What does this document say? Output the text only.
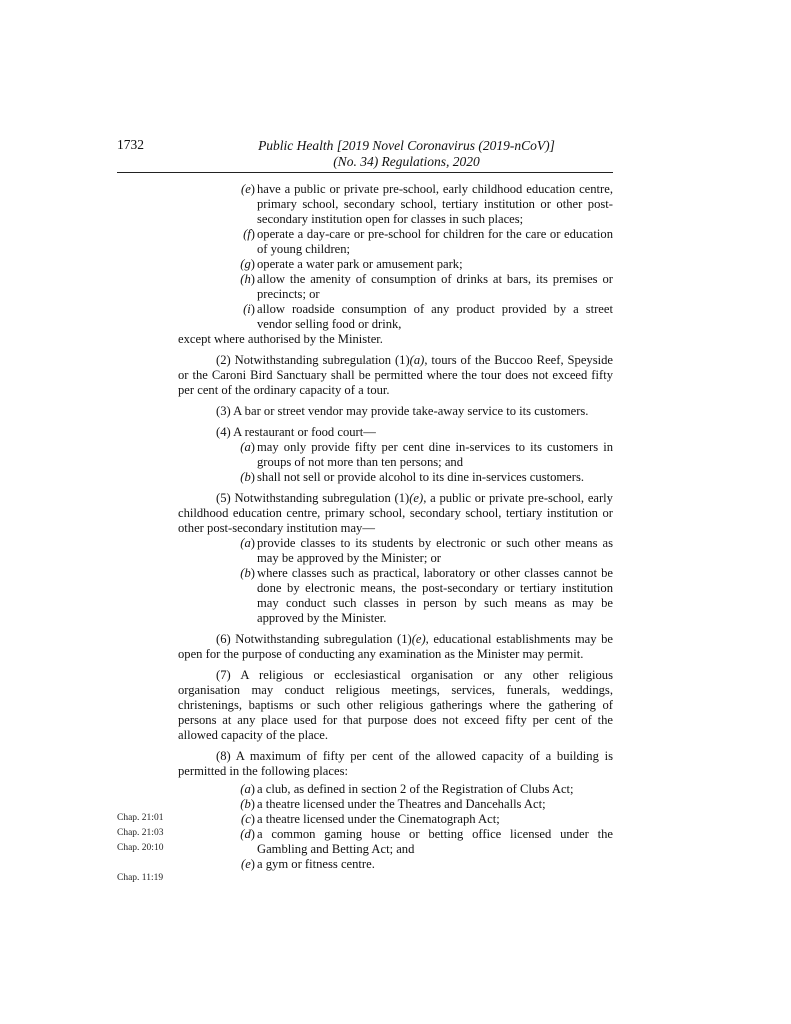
1732	Public Health [2019 Novel Coronavirus (2019-nCoV)]
(No. 34) Regulations, 2020
(e) have a public or private pre-school, early childhood education centre, primary school, secondary school, tertiary institution or other post-secondary institution open for classes in such places;
(f) operate a day-care or pre-school for children for the care or education of young children;
(g) operate a water park or amusement park;
(h) allow the amenity of consumption of drinks at bars, its premises or precincts; or
(i) allow roadside consumption of any product provided by a street vendor selling food or drink,
except where authorised by the Minister.
(2) Notwithstanding subregulation (1)(a), tours of the Buccoo Reef, Speyside or the Caroni Bird Sanctuary shall be permitted where the tour does not exceed fifty per cent of the ordinary capacity of a tour.
(3) A bar or street vendor may provide take-away service to its customers.
(4) A restaurant or food court—
(a) may only provide fifty per cent dine in-services to its customers in groups of not more than ten persons; and
(b) shall not sell or provide alcohol to its dine in-services customers.
(5) Notwithstanding subregulation (1)(e), a public or private pre-school, early childhood education centre, primary school, secondary school, tertiary institution or other post-secondary institution may—
(a) provide classes to its students by electronic or such other means as may be approved by the Minister; or
(b) where classes such as practical, laboratory or other classes cannot be done by electronic means, the post-secondary or tertiary institution may conduct such classes in person by such means as may be approved by the Minister.
(6) Notwithstanding subregulation (1)(e), educational establishments may be open for the purpose of conducting any examination as the Minister may permit.
(7) A religious or ecclesiastical organisation or any other religious organisation may conduct religious meetings, services, funerals, weddings, christenings, baptisms or such other religious gatherings where the gathering of persons at any place used for that purpose does not exceed fifty per cent of the allowed capacity of the place.
(8) A maximum of fifty per cent of the allowed capacity of a building is permitted in the following places:
(a) a club, as defined in section 2 of the Registration of Clubs Act;
(b) a theatre licensed under the Theatres and Dancehalls Act;
(c) a theatre licensed under the Cinematograph Act;
(d) a common gaming house or betting office licensed under the Gambling and Betting Act; and
(e) a gym or fitness centre.
Chap. 21:01
Chap. 21:03
Chap. 20:10
Chap. 11:19
